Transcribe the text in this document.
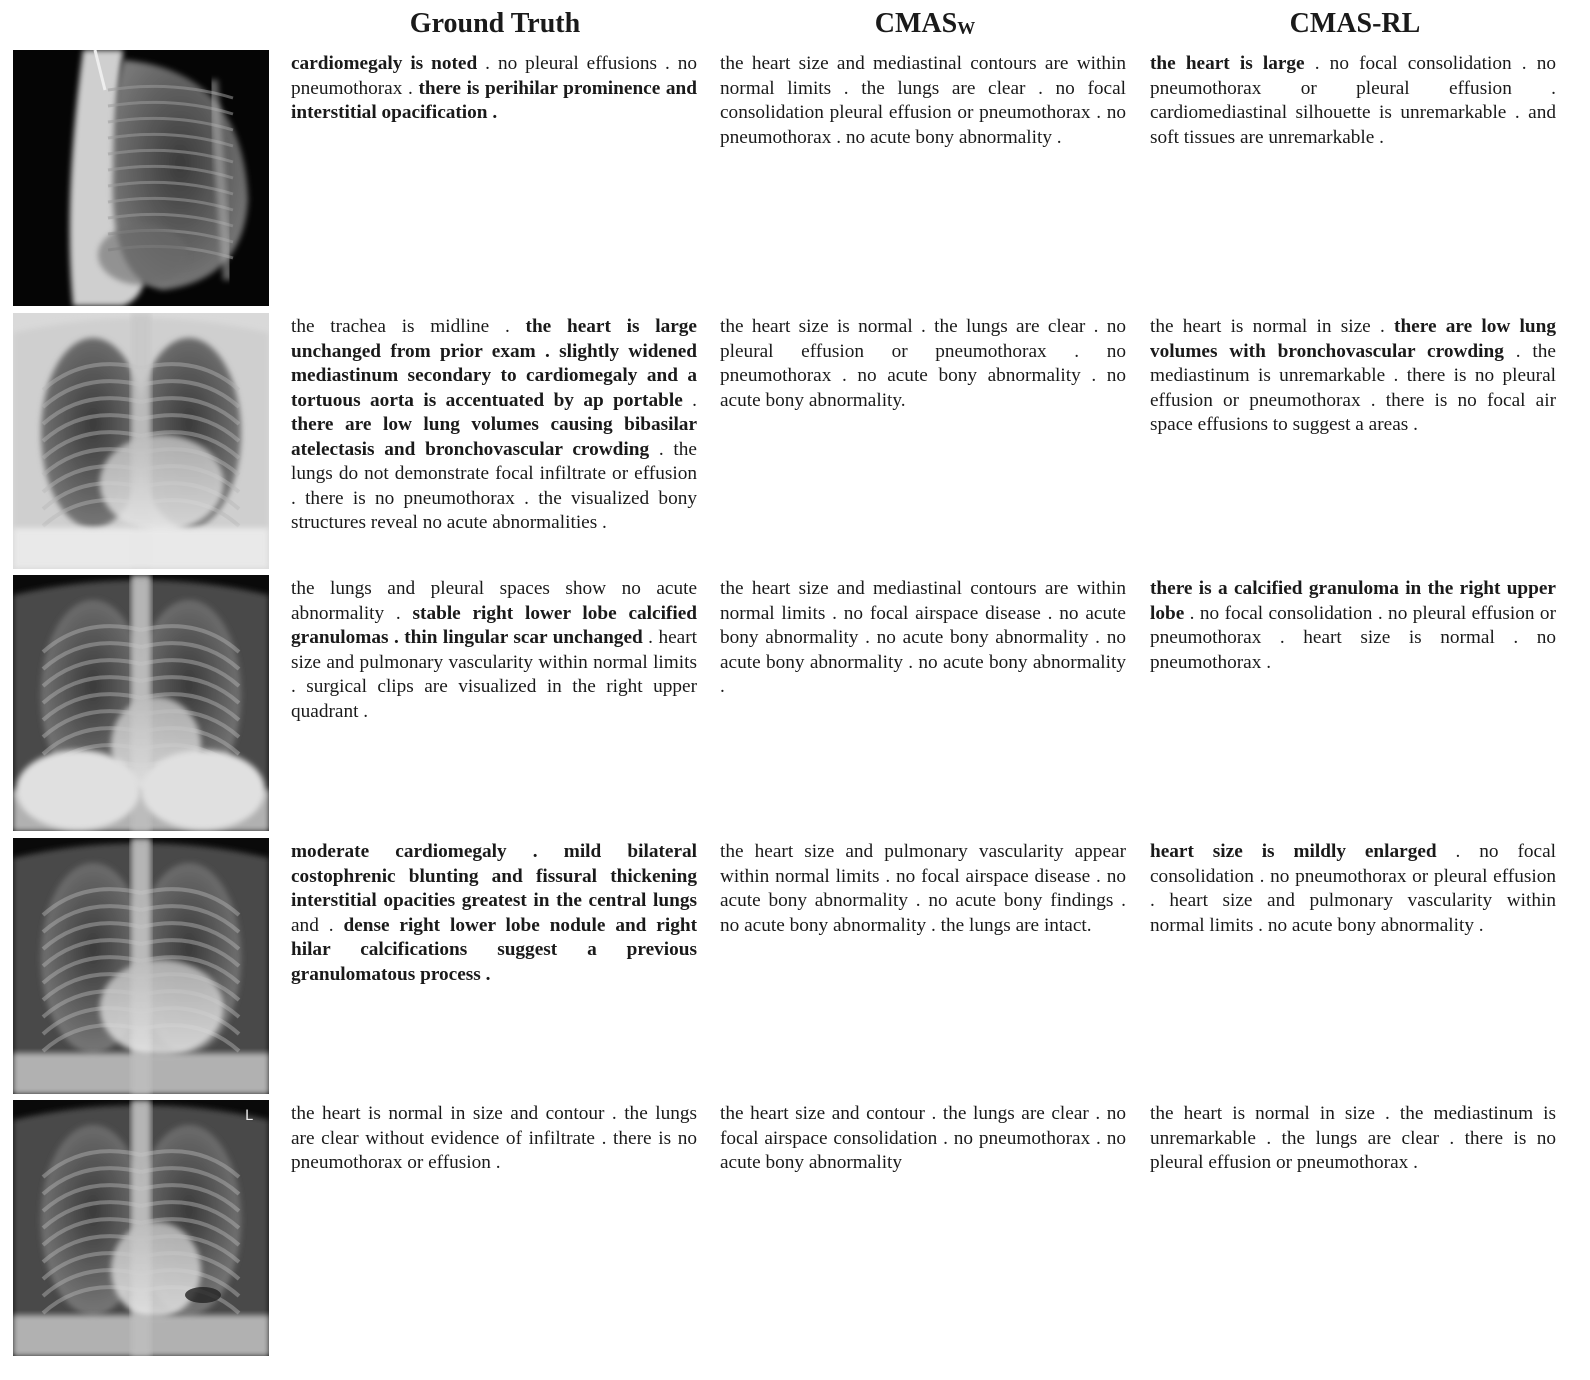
Ground Truth	$CMAS_W$	CMAS-RL
cardiomegaly is noted . no pleural effusions . no pneumothorax . there is perihilar prominence and interstitial opacification .
the heart size and mediastinal contours are within normal limits . the lungs are clear . no focal consolidation pleural effusion or pneumothorax . no pneumothorax . no acute bony abnormality .
the heart is large . no focal consolidation . no pneumothorax or pleural effusion . cardiomediastinal silhouette is unremarkable . and soft tissues are unremarkable .
the trachea is midline . the heart is large unchanged from prior exam . slightly widened mediastinum secondary to cardiomegaly and a tortuous aorta is accentuated by ap portable . there are low lung volumes causing bibasilar atelectasis and bronchovascular crowding . the lungs do not demonstrate focal infiltrate or effusion . there is no pneumothorax . the visualized bony structures reveal no acute abnormalities .
the heart size is normal . the lungs are clear . no pleural effusion or pneumothorax . no pneumothorax . no acute bony abnormality . no acute bony abnormality.
the heart is normal in size . there are low lung volumes with bronchovascular crowding . the mediastinum is unremarkable . there is no pleural effusion or pneumothorax . there is no focal air space effusions to suggest a areas .
the lungs and pleural spaces show no acute abnormality . stable right lower lobe calcified granulomas . thin lingular scar unchanged . heart size and pulmonary vascularity within normal limits . surgical clips are visualized in the right upper quadrant .
the heart size and mediastinal contours are within normal limits . no focal airspace disease . no acute bony abnormality . no acute bony abnormality . no acute bony abnormality . no acute bony abnormality .
there is a calcified granuloma in the right upper lobe . no focal consolidation . no pleural effusion or pneumothorax . heart size is normal . no pneumothorax .
moderate cardiomegaly . mild bilateral costophrenic blunting and fissural thickening interstitial opacities greatest in the central lungs and . dense right lower lobe nodule and right hilar calcifications suggest a previous granulomatous process .
the heart size and pulmonary vascularity appear within normal limits . no focal airspace disease . no acute bony abnormality . no acute bony findings . no acute bony abnormality . the lungs are intact.
heart size is mildly enlarged . no focal consolidation . no pneumothorax or pleural effusion . heart size and pulmonary vascularity within normal limits . no acute bony abnormality .
L the heart is normal in size and contour . the lungs are clear without evidence of infiltrate . there is no pneumothorax or effusion .
the heart size and contour . the lungs are clear . no focal airspace consolidation . no pneumothorax . no acute bony abnormality
the heart is normal in size . the mediastinum is unremarkable . the lungs are clear . there is no pleural effusion or pneumothorax .
